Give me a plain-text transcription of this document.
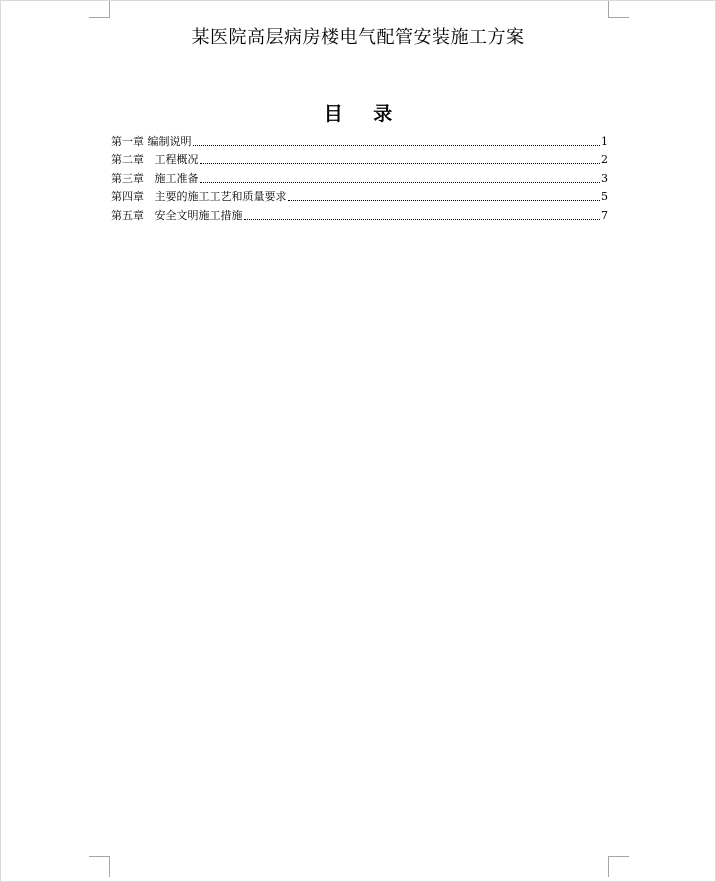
某医院高层病房楼电气配管安装施工方案
目 录
第一章 编制说明	1
第二章 工程概况	2
第三章 施工准备	3
第四章 主要的施工工艺和质量要求	5
第五章 安全文明施工措施	7
